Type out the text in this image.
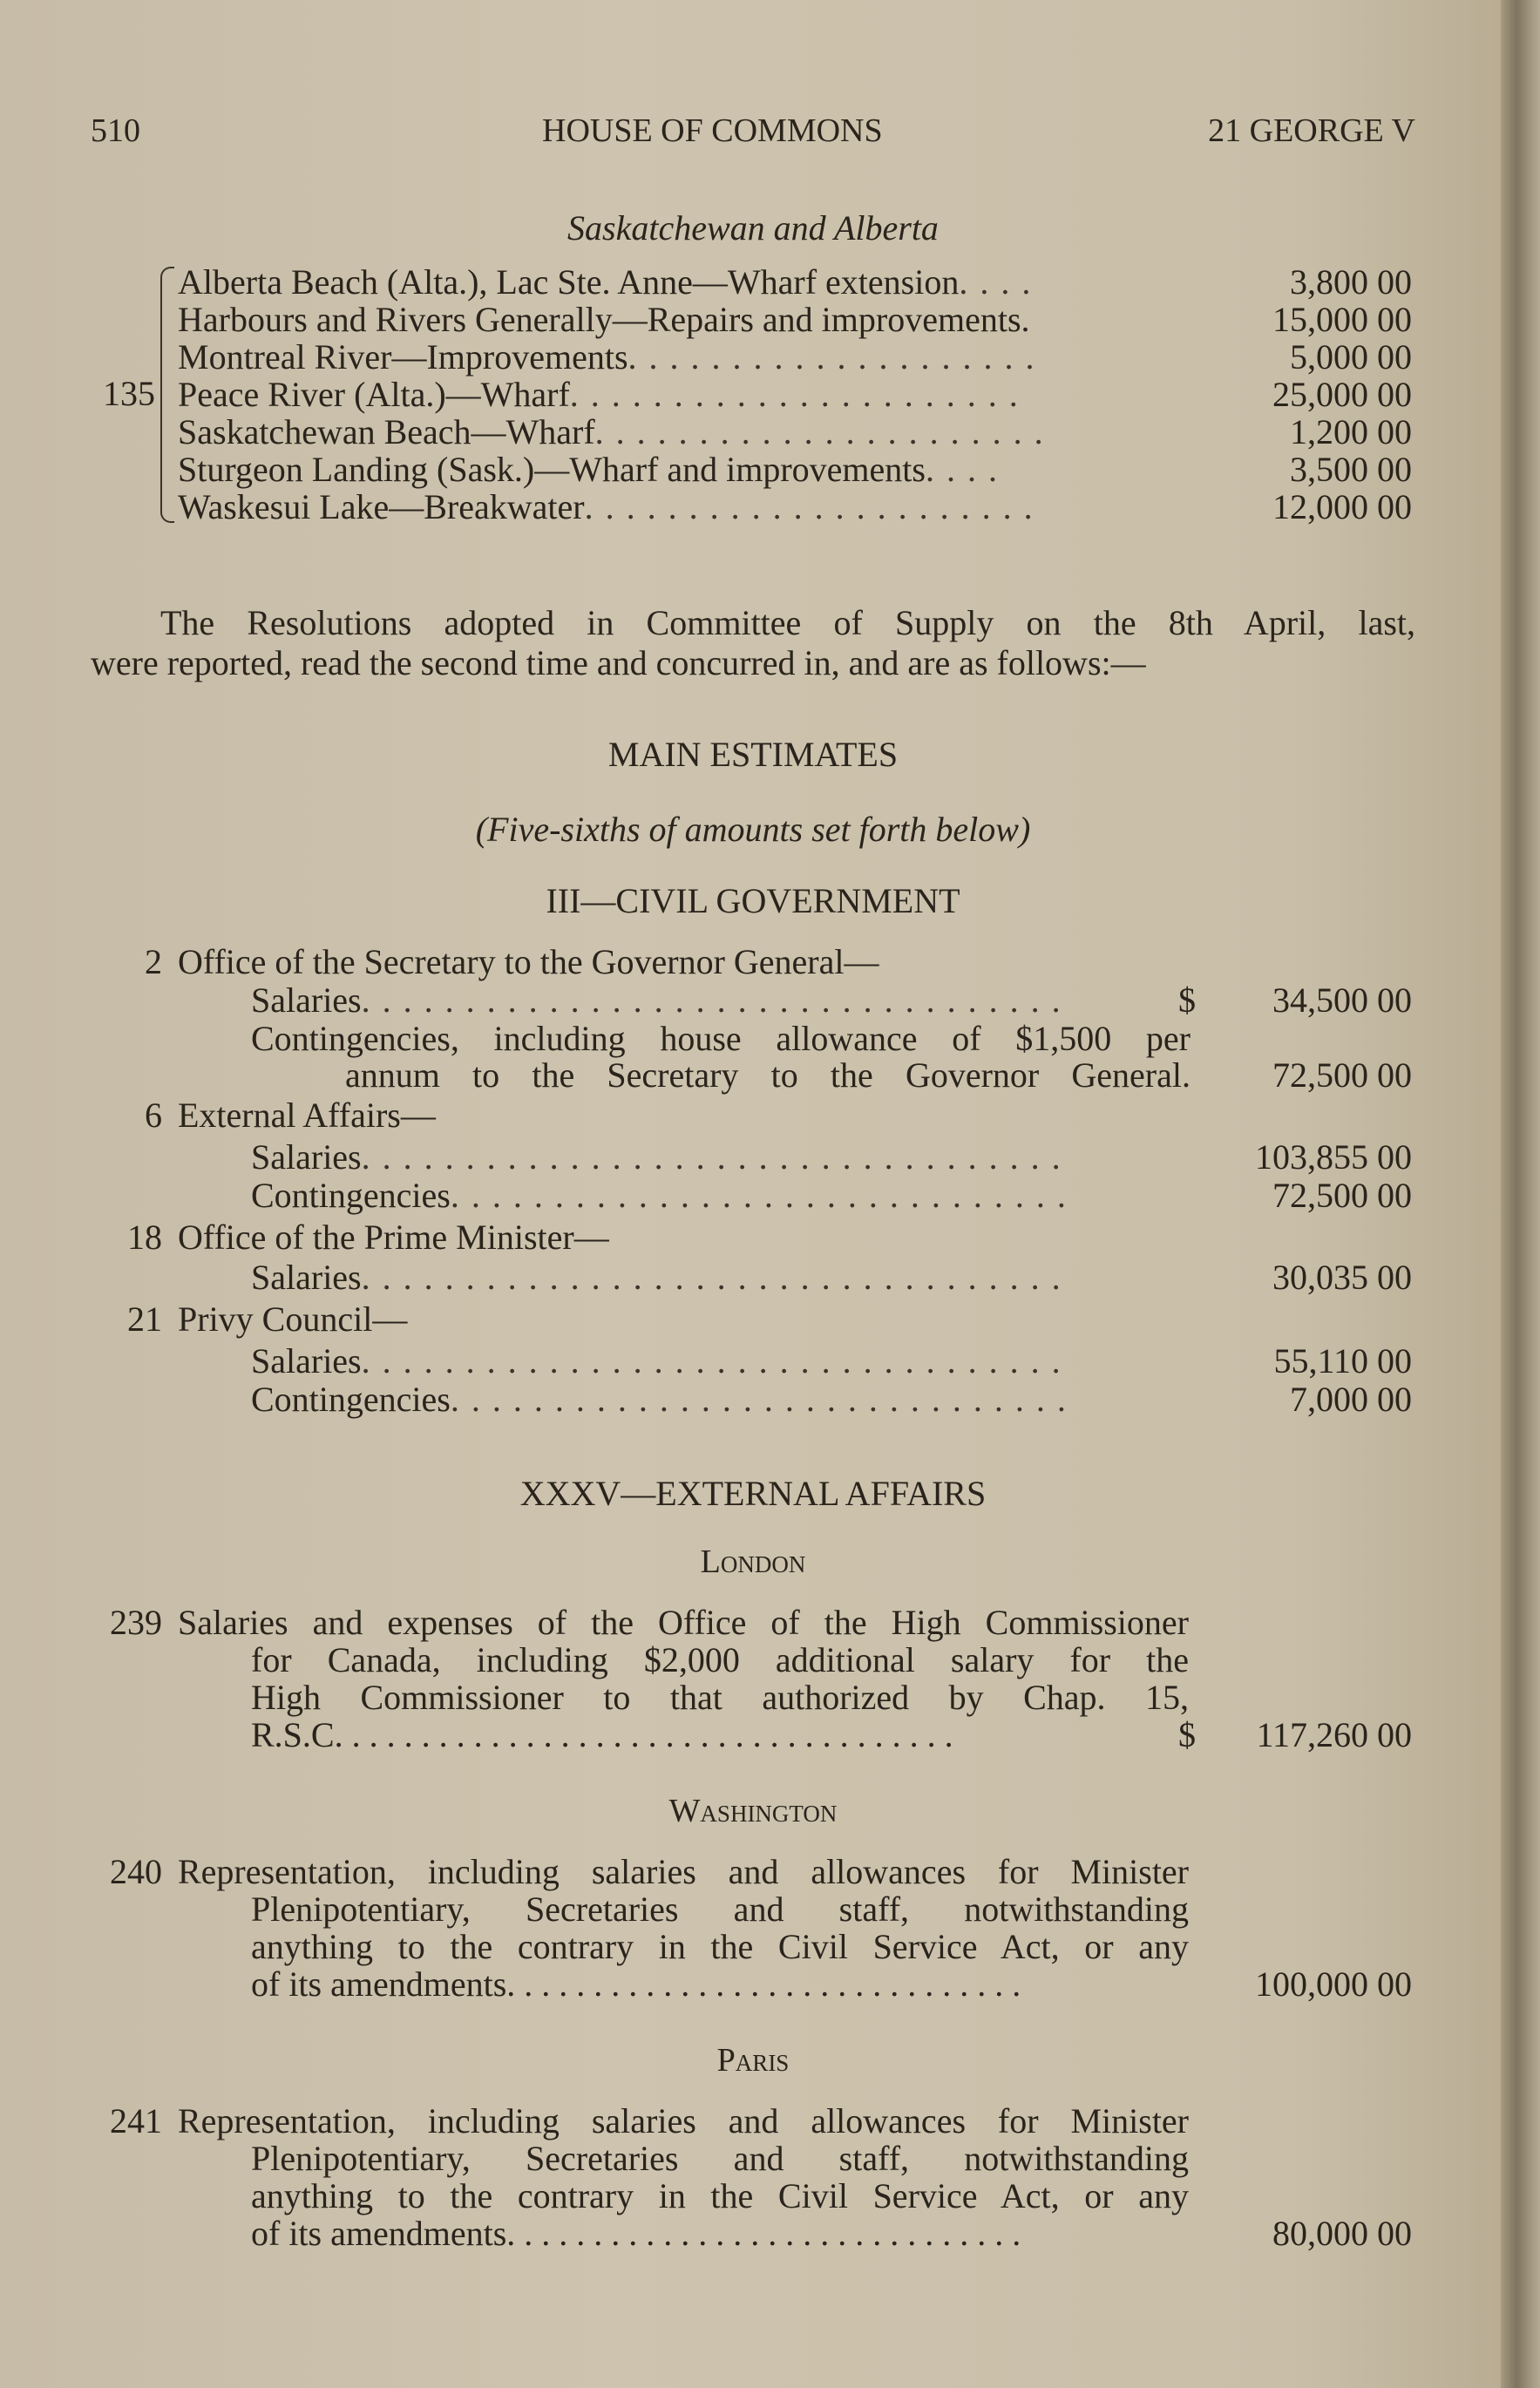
510	HOUSE OF COMMONS	21 GEORGE V
Saskatchewan and Alberta
135
Alberta Beach (Alta.), Lac Ste. Anne—Wharf extension. . . .	3,800 00
Harbours and Rivers Generally—Repairs and improvements.	15,000 00
Montreal River—Improvements. . . . . . . . . . . . . . . . . . . .	5,000 00
Peace River (Alta.)—Wharf. . . . . . . . . . . . . . . . . . . . . .	25,000 00
Saskatchewan Beach—Wharf. . . . . . . . . . . . . . . . . . . . . .	1,200 00
Sturgeon Landing (Sask.)—Wharf and improvements. . . .	3,500 00
Waskesui Lake—Breakwater. . . . . . . . . . . . . . . . . . . . . .	12,000 00
The Resolutions adopted in Committee of Supply on the 8th April, last,
were reported, read the second time and concurred in, and are as follows:—
MAIN ESTIMATES
(Five-sixths of amounts set forth below)
III—CIVIL GOVERNMENT
2 Office of the Secretary to the Governor General—
Salaries. . . . . . . . . . . . . . . . . . . . . . . . . . . . . . . . . .	$	34,500 00
Contingencies, including house allowance of $1,500 per
annum to the Secretary to the Governor General.	72,500 00
6 External Affairs—
Salaries. . . . . . . . . . . . . . . . . . . . . . . . . . . . . . . . . .	103,855 00
Contingencies. . . . . . . . . . . . . . . . . . . . . . . . . . . . . .	72,500 00
18 Office of the Prime Minister—
Salaries. . . . . . . . . . . . . . . . . . . . . . . . . . . . . . . . . .	30,035 00
21 Privy Council—
Salaries. . . . . . . . . . . . . . . . . . . . . . . . . . . . . . . . . .	55,110 00
Contingencies. . . . . . . . . . . . . . . . . . . . . . . . . . . . . .	7,000 00
XXXV—EXTERNAL AFFAIRS
London
239 Salaries and expenses of the Office of the High Commissioner
for Canada, including $2,000 additional salary for the
High Commissioner to that authorized by Chap. 15,
R.S.C. . . . . . . . . . . . . . . . . . . . . . . . . . . . . . . . . . . .	$	117,260 00
Washington
240 Representation, including salaries and allowances for Minister
Plenipotentiary, Secretaries and staff, notwithstanding
anything to the contrary in the Civil Service Act, or any
of its amendments. . . . . . . . . . . . . . . . . . . . . . . . . . . . . .	100,000 00
Paris
241 Representation, including salaries and allowances for Minister
Plenipotentiary, Secretaries and staff, notwithstanding
anything to the contrary in the Civil Service Act, or any
of its amendments. . . . . . . . . . . . . . . . . . . . . . . . . . . . . .	80,000 00
